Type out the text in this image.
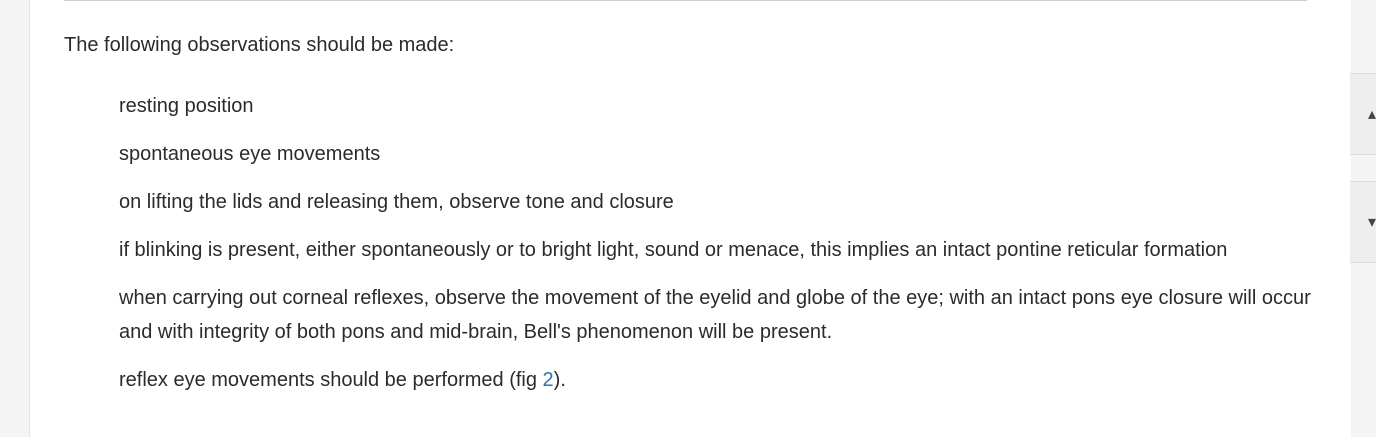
The following observations should be made:

resting position
spontaneous eye movements
on lifting the lids and releasing them, observe tone and closure
if blinking is present, either spontaneously or to bright light, sound or menace, this implies an intact pontine reticular formation
when carrying out corneal reflexes, observe the movement of the eyelid and globe of the eye; with an intact pons eye closure will occur and with integrity of both pons and mid-brain, Bell's phenomenon will be present.
reflex eye movements should be performed (fig 2).
▴
▾
